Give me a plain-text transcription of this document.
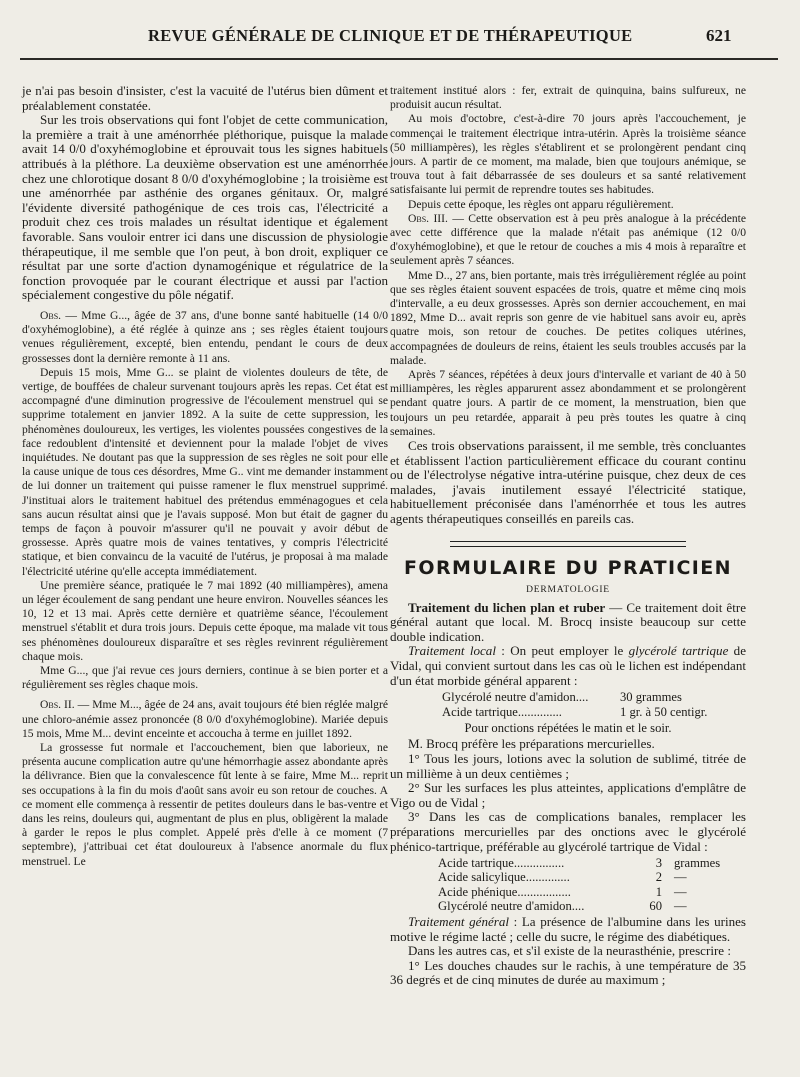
REVUE GÉNÉRALE DE CLINIQUE ET DE THÉRAPEUTIQUE	621

je n'ai pas besoin d'insister, c'est la vacuité de l'utérus bien dûment et préalablement constatée.

Sur les trois observations qui font l'objet de cette communication, la première a trait à une aménorrhée pléthorique, puisque la malade avait 14 0/0 d'oxyhémoglobine et éprouvait tous les signes habituels attribués à la pléthore. La deuxième observation est une aménorrhée chez une chlorotique dosant 8 0/0 d'oxyhémoglobine ; la troisième est une aménorrhée par asthénie des organes génitaux. Or, malgré l'évidente diversité pathogénique de ces trois cas, l'électricité a produit chez ces trois malades un résultat identique et également favorable. Sans vouloir entrer ici dans une discussion de physiologie thérapeutique, il me semble que l'on peut, à bon droit, expliquer ce résultat par une sorte d'action dynamogénique et régulatrice de la fonction provoquée par le courant électrique et aussi par l'action spécialement congestive du pôle négatif.

Obs. — Mme G..., âgée de 37 ans, d'une bonne santé habituelle (14 0/0 d'oxyhémoglobine), a été réglée à quinze ans ; ses règles étaient toujours venues régulièrement, excepté, bien entendu, pendant le cours de deux grossesses dont la dernière remonte à 11 ans.

Depuis 15 mois, Mme G... se plaint de violentes douleurs de tête, de vertige, de bouffées de chaleur survenant toujours après les repas. Cet état est accompagné d'une diminution progressive de l'écoulement menstruel qui se supprime totalement en janvier 1892. A la suite de cette suppression, les phénomènes douloureux, les vertiges, les violentes poussées congestives de la face redoublent d'intensité et deviennent pour la malade l'objet de vives inquiétudes. Ne doutant pas que la suppression de ses règles ne soit pour elle la cause unique de tous ces désordres, Mme G.. vint me demander instamment de lui donner un traitement qui puisse ramener le flux menstruel supprimé. J'instituai alors le traitement habituel des prétendus emménagogues et cela sans aucun résultat ainsi que je l'avais supposé. Mon but était de gagner du temps de façon à pouvoir m'assurer qu'il ne pouvait y avoir début de grossesse. Après quatre mois de vaines tentatives, y compris l'électricité statique, et bien convaincu de la vacuité de l'utérus, je proposai à ma malade l'électricité utérine qu'elle accepta immédiatement.

Une première séance, pratiquée le 7 mai 1892 (40 milliampères), amena un léger écoulement de sang pendant une heure environ. Nouvelles séances les 10, 12 et 13 mai. Après cette dernière et quatrième séance, l'écoulement menstruel s'établit et dura trois jours. Depuis cette époque, ma malade vit tous ses phénomènes douloureux disparaître et ses règles revinrent régulièrement chaque mois.

Mme G..., que j'ai revue ces jours derniers, continue à se bien porter et a régulièrement ses règles chaque mois.

Obs. II. — Mme M..., âgée de 24 ans, avait toujours été bien réglée malgré une chloro-anémie assez prononcée (8 0/0 d'oxyhémoglobine). Mariée depuis 15 mois, Mme M... devint enceinte et accoucha à terme en juillet 1892.

La grossesse fut normale et l'accouchement, bien que laborieux, ne présenta aucune complication autre qu'une hémorrhagie assez abondante après la délivrance. Bien que la convalescence fût lente à se faire, Mme M... reprit ses occupations à la fin du mois d'août sans avoir eu son retour de couches. A ce moment elle commença à ressentir de petites douleurs dans le bas-ventre et dans les reins, douleurs qui, augmentant de plus en plus, obligèrent la malade à garder le repos le plus complet. Appelé près d'elle à ce moment (7 septembre), j'attribuai cet état douloureux à l'absence anormale du flux menstruel. Le

traitement institué alors : fer, extrait de quinquina, bains sulfureux, ne produisit aucun résultat.

Au mois d'octobre, c'est-à-dire 70 jours après l'accouchement, je commençai le traitement électrique intra-utérin. Après la troisième séance (50 milliampères), les règles s'établirent et se prolongèrent pendant cinq jours. A partir de ce moment, ma malade, bien que toujours anémique, se trouva tout à fait débarrassée de ses douleurs et sa santé relativement satisfaisante lui permit de reprendre toutes ses habitudes.

Depuis cette époque, les règles ont apparu régulièrement.

Obs. III. — Cette observation est à peu près analogue à la précédente avec cette différence que la malade n'était pas anémique (12 0/0 d'oxyhémoglobine), et que le retour de couches a mis 4 mois à reparaître et seulement après 7 séances.

Mme D.., 27 ans, bien portante, mais très irrégulièrement réglée au point que ses règles étaient souvent espacées de trois, quatre et même cinq mois d'intervalle, a eu deux grossesses. Après son dernier accouchement, en mai 1892, Mme D... avait repris son genre de vie habituel sans avoir eu, après quatre mois, son retour de couches. De petites coliques utérines, accompagnées de douleurs de reins, étaient les seuls troubles accusés par la malade.

Après 7 séances, répétées à deux jours d'intervalle et variant de 40 à 50 milliampères, les règles apparurent assez abondamment et se prolongèrent pendant quatre jours. A partir de ce moment, la menstruation, bien que toujours un peu retardée, apparait à peu près toutes les quatre à cinq semaines.

Ces trois observations paraissent, il me semble, très concluantes et établissent l'action particulièrement efficace du courant continu ou de l'électrolyse négative intra-utérine puisque, chez deux de ces malades, j'avais inutilement essayé l'électricité statique, habituellement préconisée dans l'aménorrhée et tous les autres agents thérapeutiques conseillés en pareils cas.

FORMULAIRE DU PRATICIEN
DERMATOLOGIE

Traitement du lichen plan et ruber — Ce traitement doit être général autant que local. M. Brocq insiste beaucoup sur cette double indication.

Traitement local : On peut employer le glycérolé tartrique de Vidal, qui convient surtout dans les cas où le lichen est indépendant d'un état morbide général apparent :

Glycérolé neutre d'amidon....	30 grammes
Acide tartrique..............	1 gr. à 50 centigr.
Pour onctions répétées le matin et le soir.

M. Brocq préfère les préparations mercurielles.

1° Tous les jours, lotions avec la solution de sublimé, titrée de un millième à un deux centièmes ;

2° Sur les surfaces les plus atteintes, applications d'emplâtre de Vigo ou de Vidal ;

3° Dans les cas de complications banales, remplacer les préparations mercurielles par des onctions avec le glycérolé phénico-tartrique, préférable au glycérolé tartrique de Vidal :

Acide tartrique................	3 grammes
Acide salicylique..............	2 —
Acide phénique.................	1 —
Glycérolé neutre d'amidon....	60 —

Traitement général : La présence de l'albumine dans les urines motive le régime lacté ; celle du sucre, le régime des diabétiques.

Dans les autres cas, et s'il existe de la neurasthénie, prescrire :

1° Les douches chaudes sur le rachis, à une température de 35 36 degrés et de cinq minutes de durée au maximum ;
